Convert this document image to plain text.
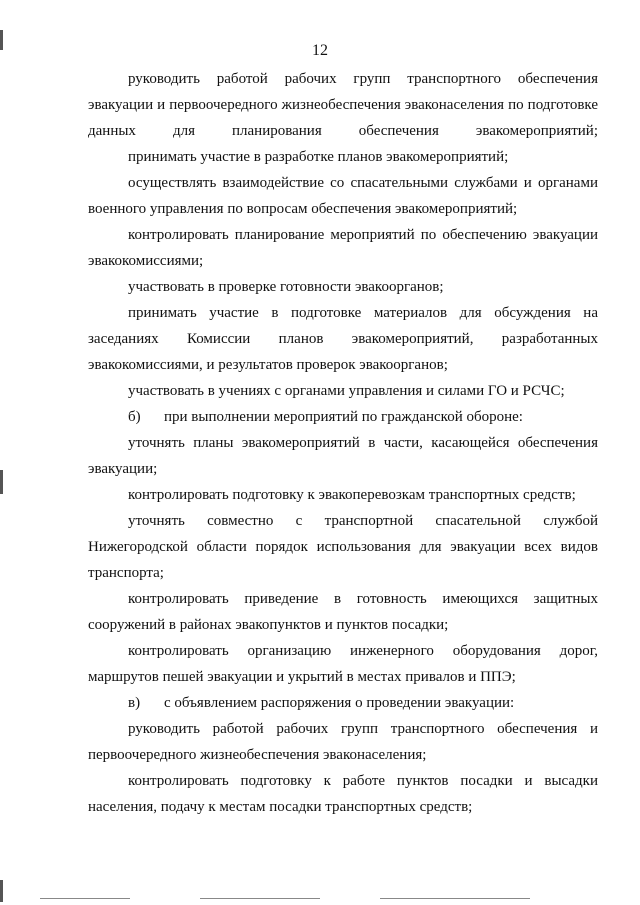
12

руководить работой рабочих групп транспортного обеспечения эвакуации и первоочередного жизнеобеспечения эваконаселения по подготовке данных для планирования обеспечения эвакомероприятий;

принимать участие в разработке планов эвакомероприятий;

осуществлять взаимодействие со спасательными службами и органами военного управления по вопросам обеспечения эвакомероприятий;

контролировать планирование мероприятий по обеспечению эвакуации эвакокомиссиями;

участвовать в проверке готовности эвакоорганов;

принимать участие в подготовке материалов для обсуждения на заседаниях Комиссии планов эвакомероприятий, разработанных эвакокомиссиями, и результатов проверок эвакоорганов;

участвовать в учениях с органами управления и силами ГО и РСЧС;

б) при выполнении мероприятий по гражданской обороне:

уточнять планы эвакомероприятий в части, касающейся обеспечения эвакуации;

контролировать подготовку к эвакоперевозкам транспортных средств;

уточнять совместно с транспортной спасательной службой Нижегородской области порядок использования для эвакуации всех видов транспорта;

контролировать приведение в готовность имеющихся защитных сооружений в районах эвакопунктов и пунктов посадки;

контролировать организацию инженерного оборудования дорог, маршрутов пешей эвакуации и укрытий в местах привалов и ППЭ;

в) с объявлением распоряжения о проведении эвакуации:

руководить работой рабочих групп транспортного обеспечения и первоочередного жизнеобеспечения эваконаселения;

контролировать подготовку к работе пунктов посадки и высадки населения, подачу к местам посадки транспортных средств;
